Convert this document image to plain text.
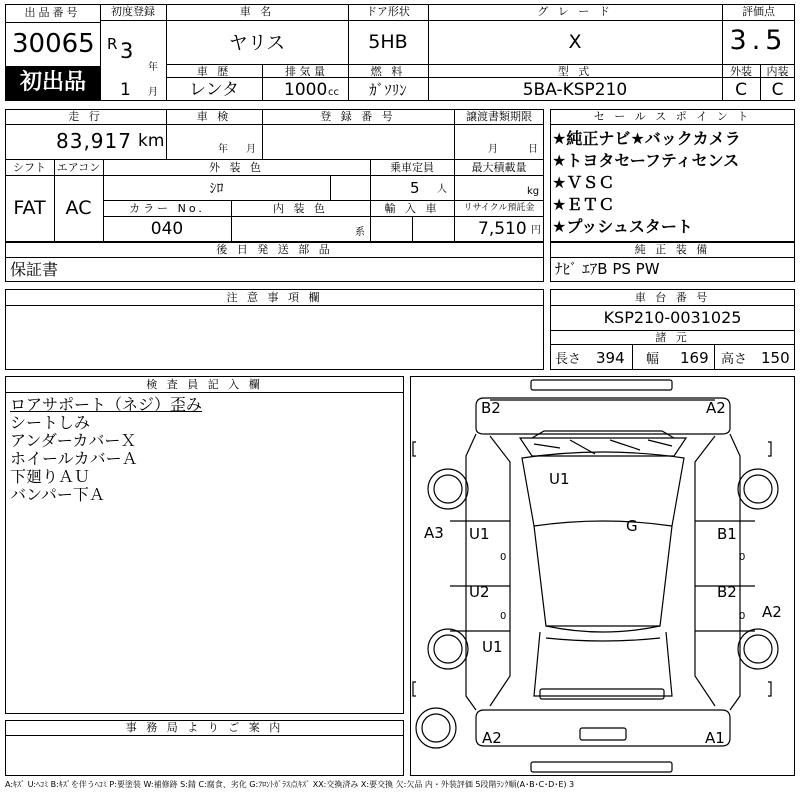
出品番号
30065
初出品
初度登録
R 3
年
1 月
車 名
ヤリス
ドア形状
5HB
グ レ ー ド
X
評価点
3.5
車 歴
レンタ
排 気 量
1000 cc
燃 料
ｶﾞｿﾘﾝ
型 式
5BA-KSP210
外装
C
内装
C
走 行
83,917 km
車 検
年 月
登 録 番 号	譲渡書類期限
月	日
シフト
FAT
エアコン
AC
外 装 色
ｼﾛ
乗車定員
5 人
最大積載量
kg
カラー No.
040
内 装 色
系
輸 入 車	リサイクル預託金
7,510 円
後 日 発 送 部 品
保証書
注 意 事 項 欄
セ ー ル ス ポ イ ン ト
★純正ナビ★バックカメラ
★トヨタセーフティセンス
★ＶＳＣ
★ＥＴＣ
★プッシュスタート
純 正 装 備
ﾅﾋﾞ ｴｱB PS PW
車 台 番 号
KSP210-0031025
諸 元
長さ 394 幅 169 高さ 150
検 査 員 記 入 欄
ロアサポート（ネジ）歪み
シートしみ
アンダーカバーＸ
ホイールカバーＡ
下廻りＡＵ
バンパー下Ａ
事 務 局 よ り ご 案 内
B2	A2
A3
U1
G
U1
U2
U1
B1
B2
A2
A2	A1
0
0
0
0
A:ｷｽﾞ U:ﾍｺﾐ B:ｷｽﾞを伴うﾍｺﾐ P:要塗装 W:補修跡 S:錆 C:腐食、劣化 G:ﾌﾛﾝﾄｶﾞﾗｽ点ｷｽﾞ XX:交換済み X:要交換 欠:欠品 内・外装評価 5段階ﾗﾝｸ順(A･B･C･D･E) 3
